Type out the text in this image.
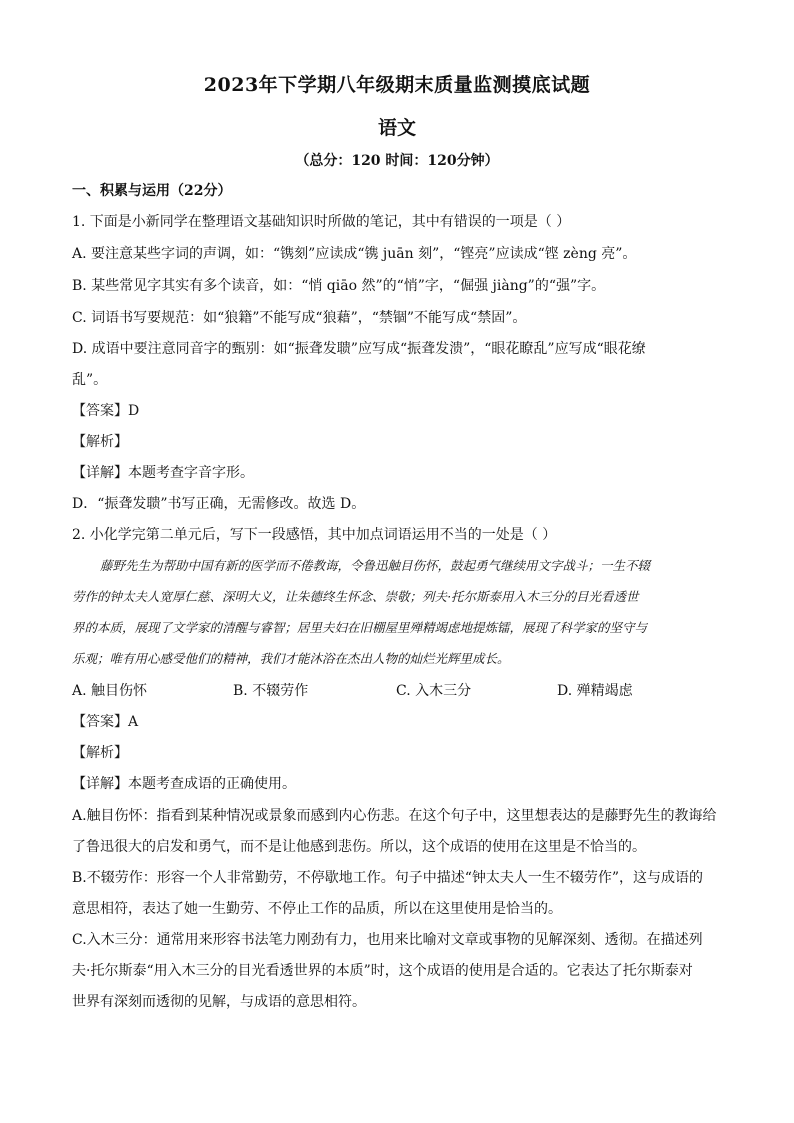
2023年下学期八年级期末质量监测摸底试题
语文
（总分：120 时间：120分钟）
一、积累与运用（22分）
1. 下面是小新同学在整理语文基础知识时所做的笔记，其中有错误的一项是（ ）
A. 要注意某些字词的声调，如：“镌刻”应读成“镌 juān 刻”，“铿亮”应读成“铿 zèng 亮”。
B. 某些常见字其实有多个读音，如：“悄 qiāo 然”的“悄”字，“倔强 jiàng”的“强”字。
C. 词语书写要规范：如“狼籍”不能写成“狼藉”，“禁锢”不能写成“禁固”。
D. 成语中要注意同音字的甄别：如“振聋发聩”应写成“振聋发溃”，“眼花瞭乱”应写成“眼花缭
乱”。
【答案】D
【解析】
【详解】本题考查字音字形。
D．“振聋发聩”书写正确，无需修改。故选 D。
2. 小化学完第二单元后，写下一段感悟，其中加点词语运用不当的一处是（ ）
藤野先生为帮助中国有新的医学而不倦教诲，令鲁迅触目伤怀，鼓起勇气继续用文字战斗；一生不辍
劳作的钟太夫人宽厚仁慈、深明大义，让朱德终生怀念、崇敬；列夫·托尔斯泰用入木三分的目光看透世
界的本质，展现了文学家的清醒与睿智；居里夫妇在旧棚屋里殚精竭虑地提炼镭，展现了科学家的坚守与
乐观；唯有用心感受他们的精神，我们才能沐浴在杰出人物的灿烂光辉里成长。
A. 触目伤怀	B. 不辍劳作	C. 入木三分	D. 殚精竭虑
【答案】A
【解析】
【详解】本题考查成语的正确使用。
A.触目伤怀：指看到某种情况或景象而感到内心伤悲。在这个句子中，这里想表达的是藤野先生的教诲给
了鲁迅很大的启发和勇气，而不是让他感到悲伤。所以，这个成语的使用在这里是不恰当的。
B.不辍劳作：形容一个人非常勤劳，不停歇地工作。句子中描述“钟太夫人一生不辍劳作”，这与成语的
意思相符，表达了她一生勤劳、不停止工作的品质，所以在这里使用是恰当的。
C.入木三分：通常用来形容书法笔力刚劲有力，也用来比喻对文章或事物的见解深刻、透彻。在描述列
夫·托尔斯泰“用入木三分的目光看透世界的本质”时，这个成语的使用是合适的。它表达了托尔斯泰对
世界有深刻而透彻的见解，与成语的意思相符。
